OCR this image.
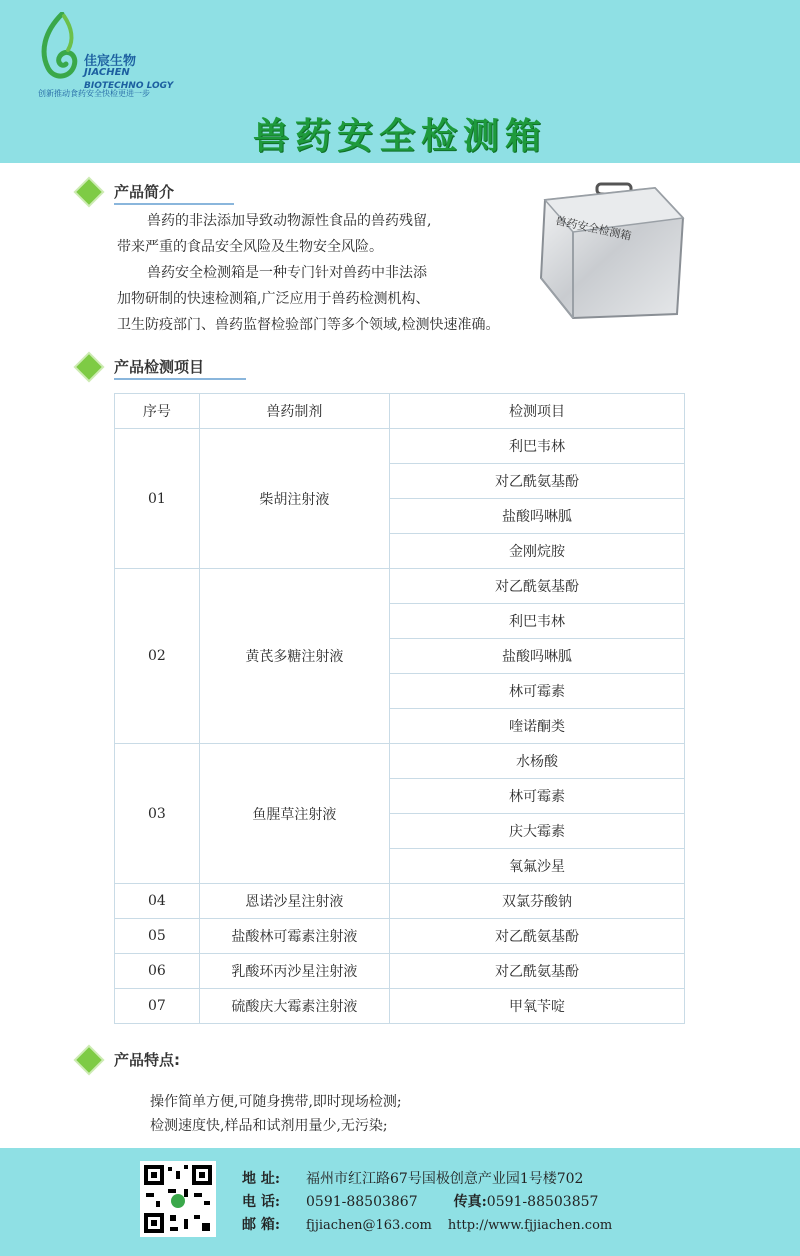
佳宸生物
JIACHEN
BIOTECHNO LOGY
创新推动食药安全快检更进一步
兽药安全检测箱
产品简介

兽药的非法添加导致动物源性食品的兽药残留,

带来严重的食品安全风险及生物安全风险。

兽药安全检测箱是一种专门针对兽药中非法添

加物研制的快速检测箱,广泛应用于兽药检测机构、

卫生防疫部门、兽药监督检验部门等多个领域,检测快速准确。
兽药安全检测箱
产品检测项目
序号	兽药制剂	检测项目
01	柴胡注射液	利巴韦林
		对乙酰氨基酚
		盐酸吗啉胍
		金刚烷胺
02	黄芪多糖注射液	对乙酰氨基酚
		利巴韦林
		盐酸吗啉胍
		林可霉素
		喹诺酮类
03	鱼腥草注射液	水杨酸
		林可霉素
		庆大霉素
		氧氟沙星
04	恩诺沙星注射液	双氯芬酸钠
05	盐酸林可霉素注射液	对乙酰氨基酚
06	乳酸环丙沙星注射液	对乙酰氨基酚
07	硫酸庆大霉素注射液	甲氧苄啶
产品特点:

操作简单方便,可随身携带,即时现场检测;

检测速度快,样品和试剂用量少,无污染;

地 址: 福州市红江路67号国极创意产业园1号楼702
电 话: 0591-88503867	传真:0591-88503857
邮 箱: fjjiachen@163.com http://www.fjjiachen.com
